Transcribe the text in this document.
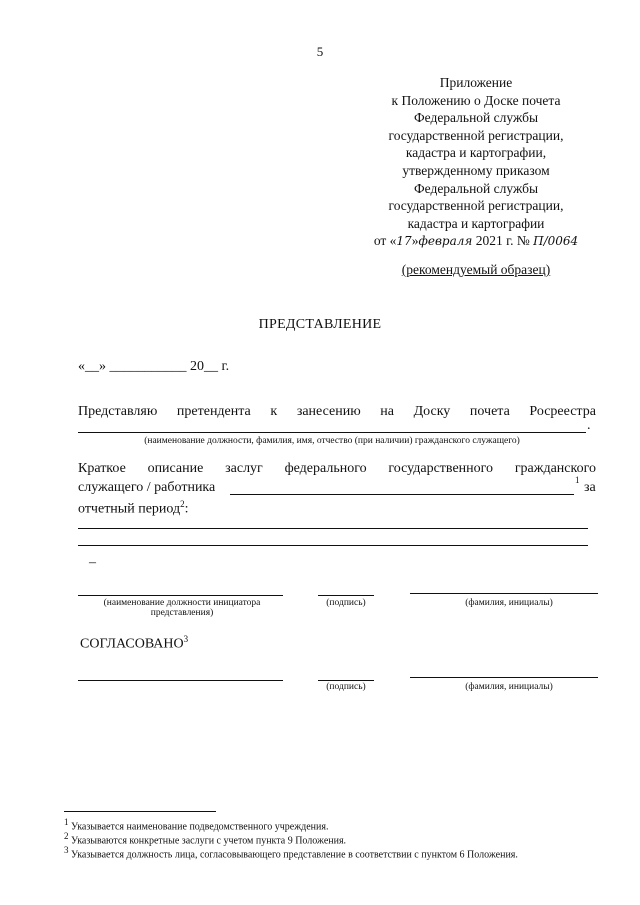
5
Приложение
к Положению о Доске почета
Федеральной службы
государственной регистрации,
кадастра и картографии,
утвержденному приказом
Федеральной службы
государственной регистрации,
кадастра и картографии
от «17»февраля 2021 г. № П/0064
(рекомендуемый образец)
ПРЕДСТАВЛЕНИЕ
«__» ___________ 20__ г.
Представляю претендента к занесению на Доску почета Росреестра
.
(наименование должности, фамилия, имя, отчество (при наличии) гражданского служащего)
Краткое описание заслуг федерального государственного гражданского
служащего / работника	$^1$ за
отчетный период$^2$:
–
(наименование должности инициатора представления)
(подпись)	(фамилия, инициалы)
СОГЛАСОВАНО$^3$
(подпись)	(фамилия, инициалы)
$^1$ Указывается наименование подведомственного учреждения.
$^2$ Указываются конкретные заслуги с учетом пункта 9 Положения.
$^3$ Указывается должность лица, согласовывающего представление в соответствии с пунктом 6 Положения.
